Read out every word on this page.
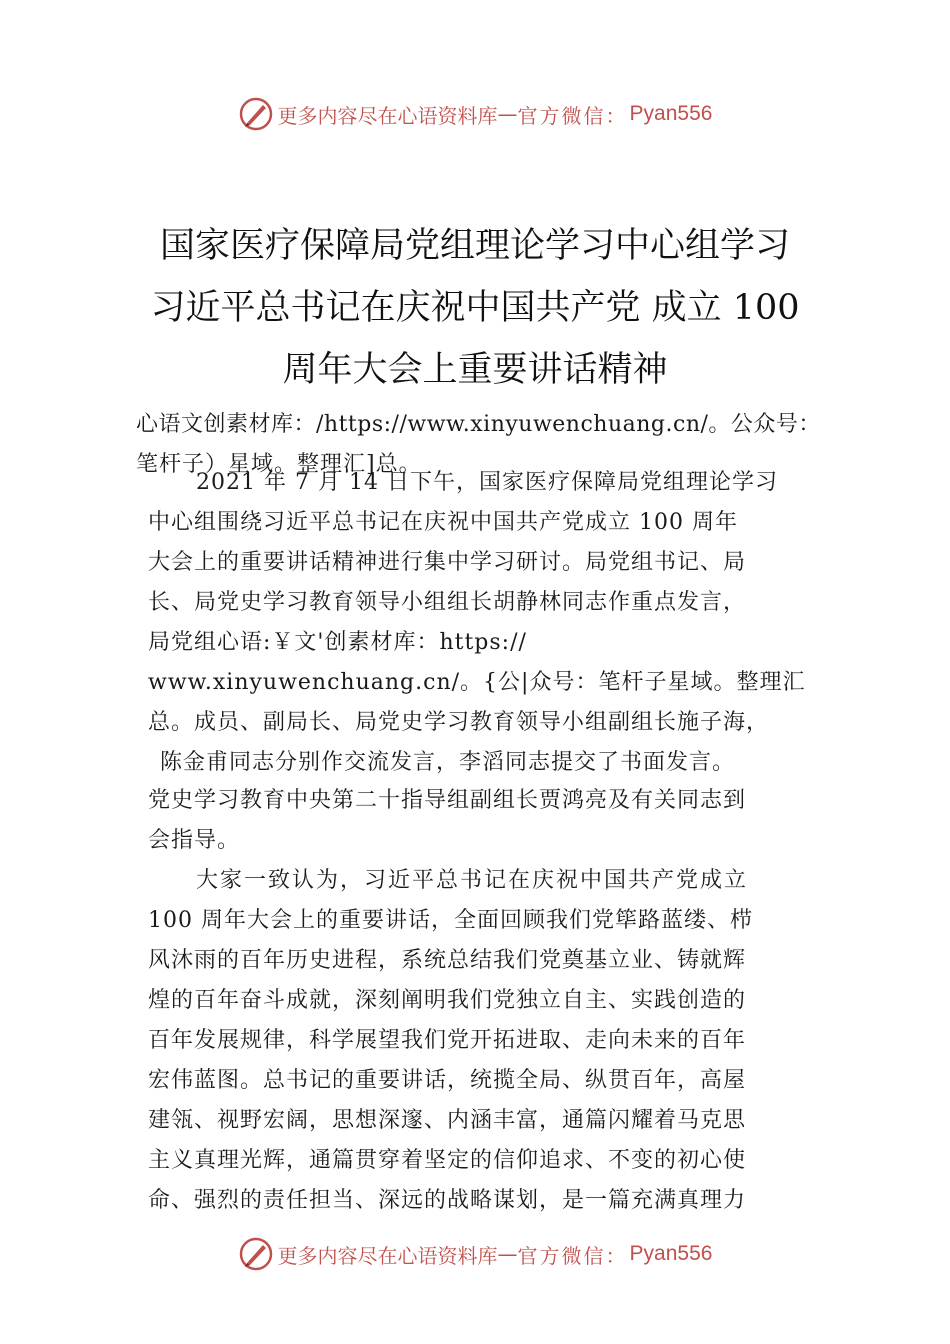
更多内容尽在心语资料库 — 官方微信： Pyan556
国家医疗保障局党组理论学习中心组学习
习近平总书记在庆祝中国共产党 成立 100
周年大会上重要讲话精神
心语文创素材库：/https://www.xinyuwenchuang.cn/。公众号：
笔杆子）星域。整理汇]总。
2021 年 7 月 14 日下午，国家医疗保障局党组理论学习
中心组围绕习近平总书记在庆祝中国共产党成立 100 周年
大会上的重要讲话精神进行集中学习研讨。局党组书记、局
长、局党史学习教育领导小组组长胡静林同志作重点发言，
局党组心语:￥文'创素材库：https://
www.xinyuwenchuang.cn/。{公|众号：笔杆子星域。整理汇
总。成员、副局长、局党史学习教育领导小组副组长施子海，
陈金甫同志分别作交流发言，李滔同志提交了书面发言。
党史学习教育中央第二十指导组副组长贾鸿亮及有关同志到
会指导。
大家一致认为，习近平总书记在庆祝中国共产党成立
100 周年大会上的重要讲话，全面回顾我们党筚路蓝缕、栉
风沐雨的百年历史进程，系统总结我们党奠基立业、铸就辉
煌的百年奋斗成就，深刻阐明我们党独立自主、实践创造的
百年发展规律，科学展望我们党开拓进取、走向未来的百年
宏伟蓝图。总书记的重要讲话，统揽全局、纵贯百年，高屋
建瓴、视野宏阔，思想深邃、内涵丰富，通篇闪耀着马克思
主义真理光辉，通篇贯穿着坚定的信仰追求、不变的初心使
命、强烈的责任担当、深远的战略谋划，是一篇充满真理力
更多内容尽在心语资料库 — 官方微信： Pyan556
